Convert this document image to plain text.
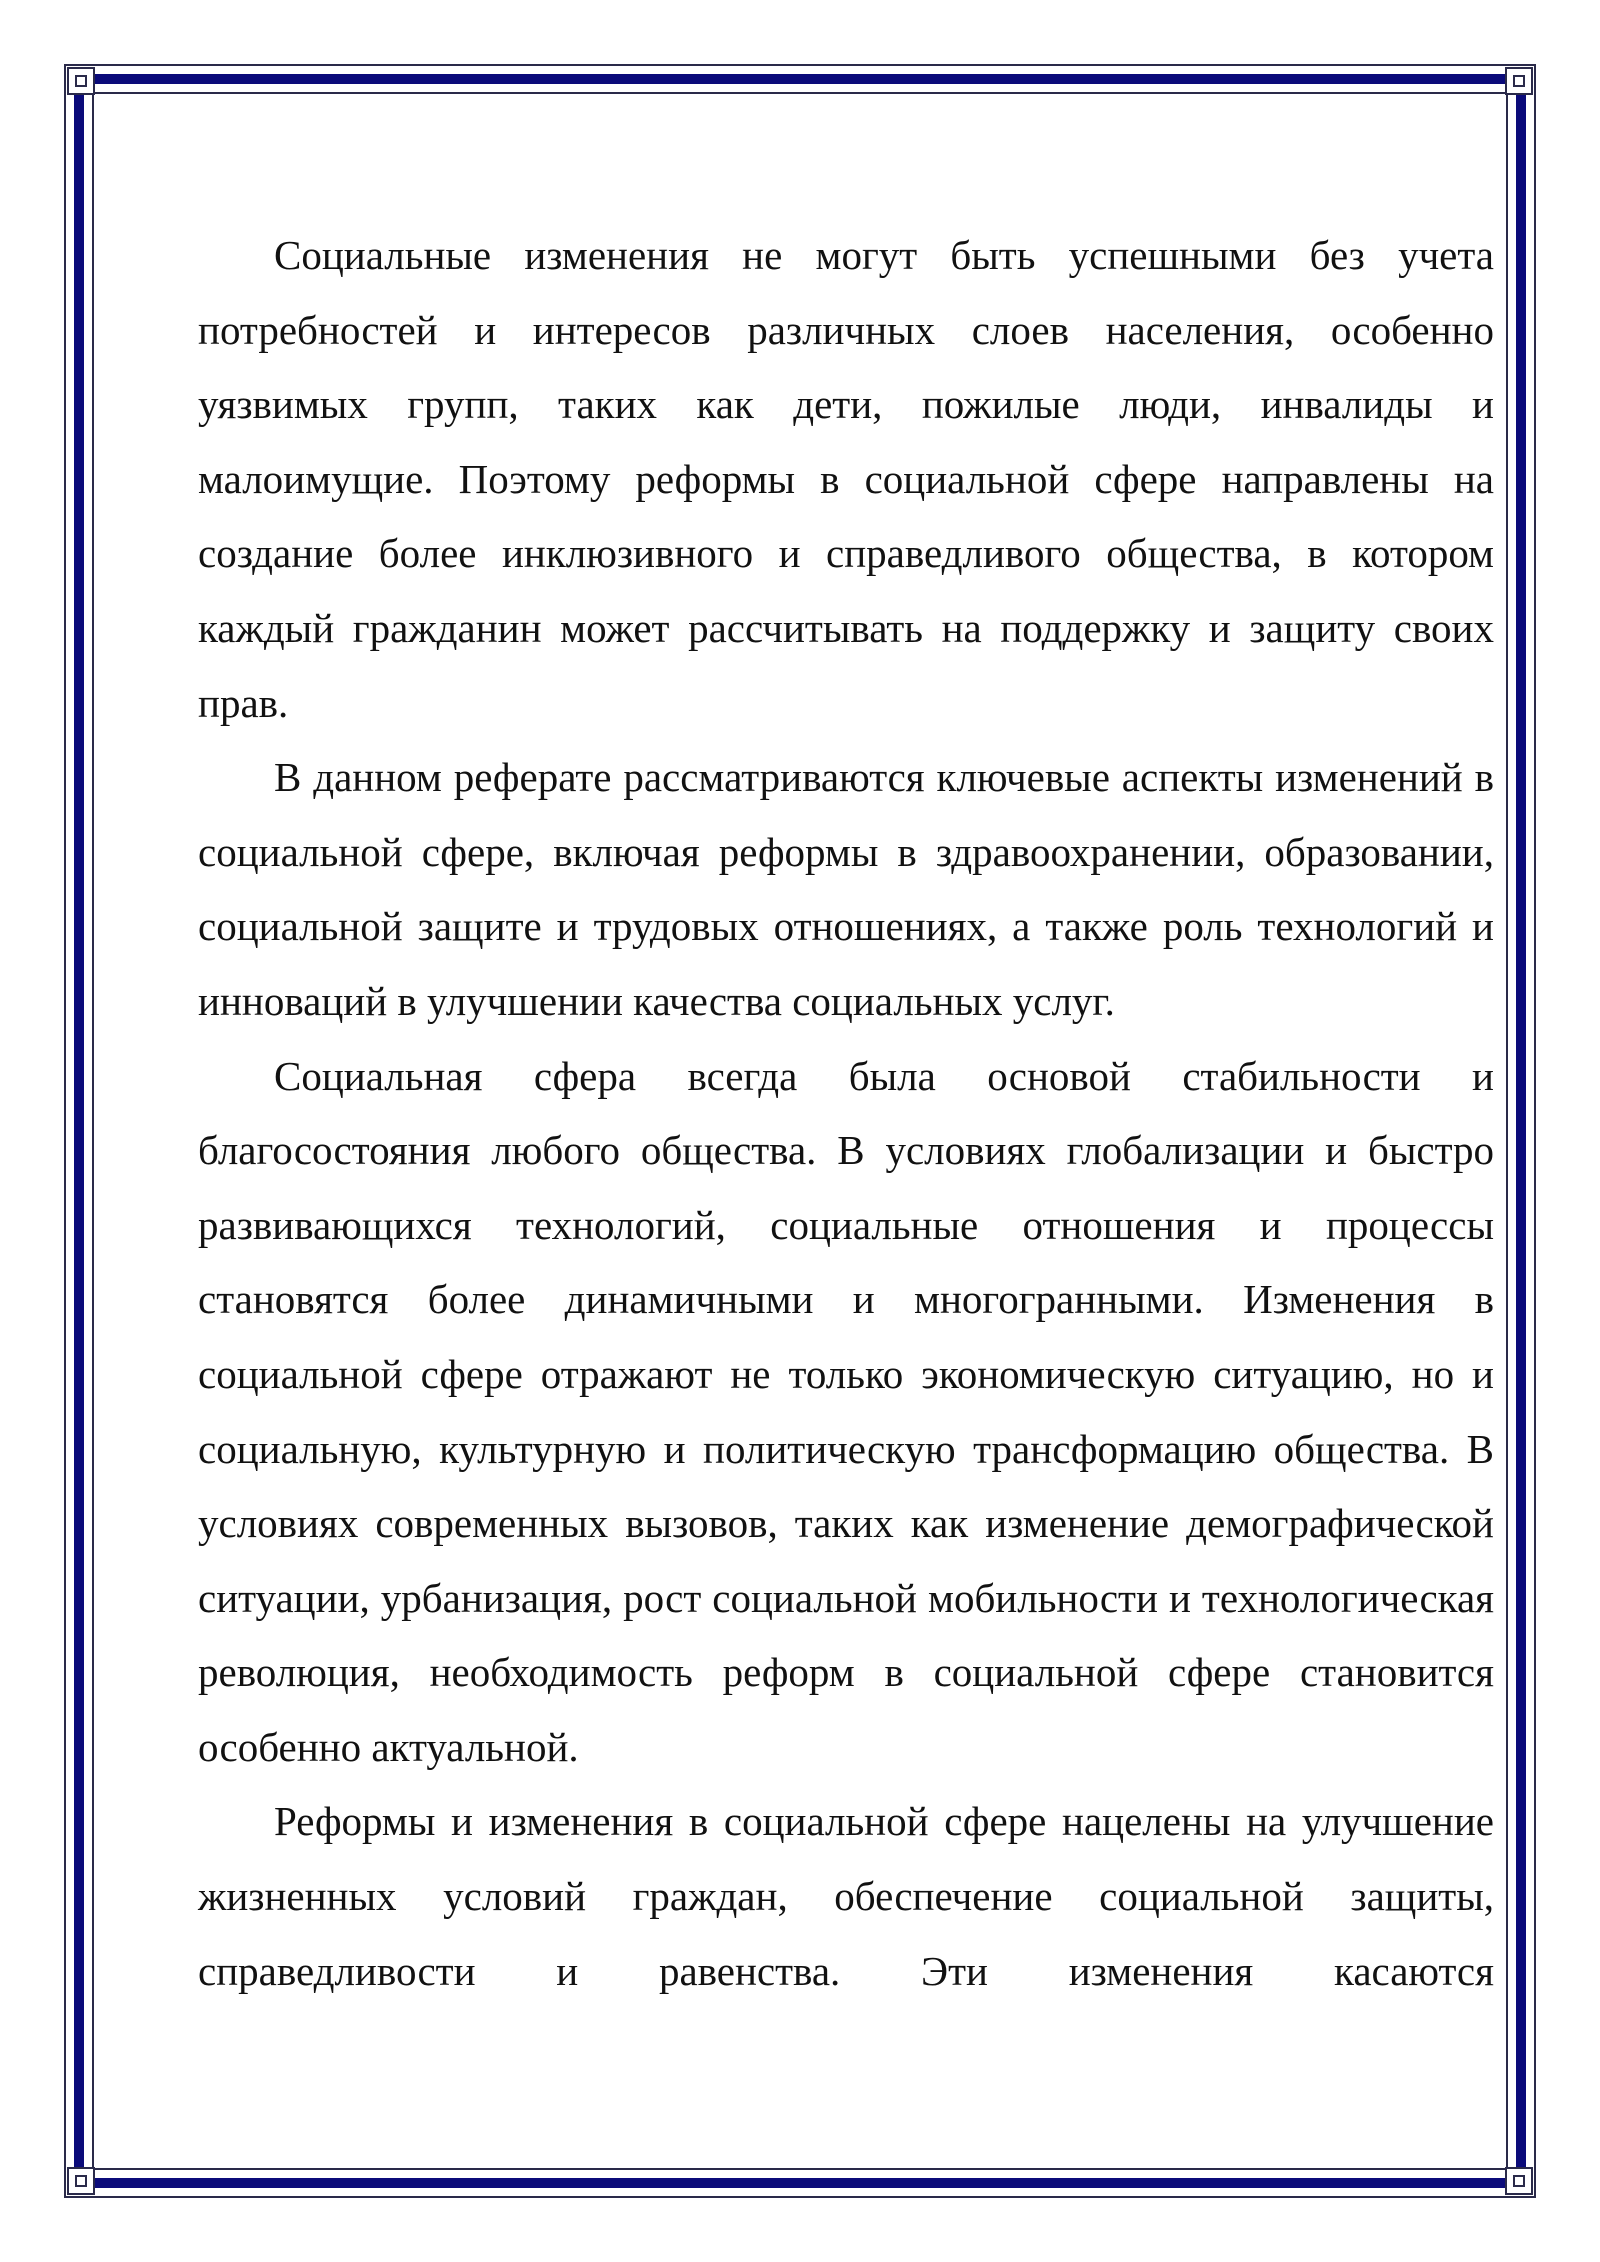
Социальные изменения не могут быть успешными без учета потребностей и интересов различных слоев населения, особенно уязвимых групп, таких как дети, пожилые люди, инвалиды и малоимущие. Поэтому реформы в социальной сфере направлены на создание более инклюзивного и справедливого общества, в котором каждый гражданин может рассчитывать на поддержку и защиту своих прав.

В данном реферате рассматриваются ключевые аспекты изменений в социальной сфере, включая реформы в здравоохранении, образовании, социальной защите и трудовых отношениях, а также роль технологий и инноваций в улучшении качества социальных услуг.

Социальная сфера всегда была основой стабильности и благосостояния любого общества. В условиях глобализации и быстро развивающихся технологий, социальные отношения и процессы становятся более динамичными и многогранными. Изменения в социальной сфере отражают не только экономическую ситуацию, но и социальную, культурную и политическую трансформацию общества. В условиях современных вызовов, таких как изменение демографической ситуации, урбанизация, рост социальной мобильности и технологическая революция, необходимость реформ в социальной сфере становится особенно актуальной.

Реформы и изменения в социальной сфере нацелены на улучшение жизненных условий граждан, обеспечение социальной защиты, справедливости и равенства. Эти изменения касаются
